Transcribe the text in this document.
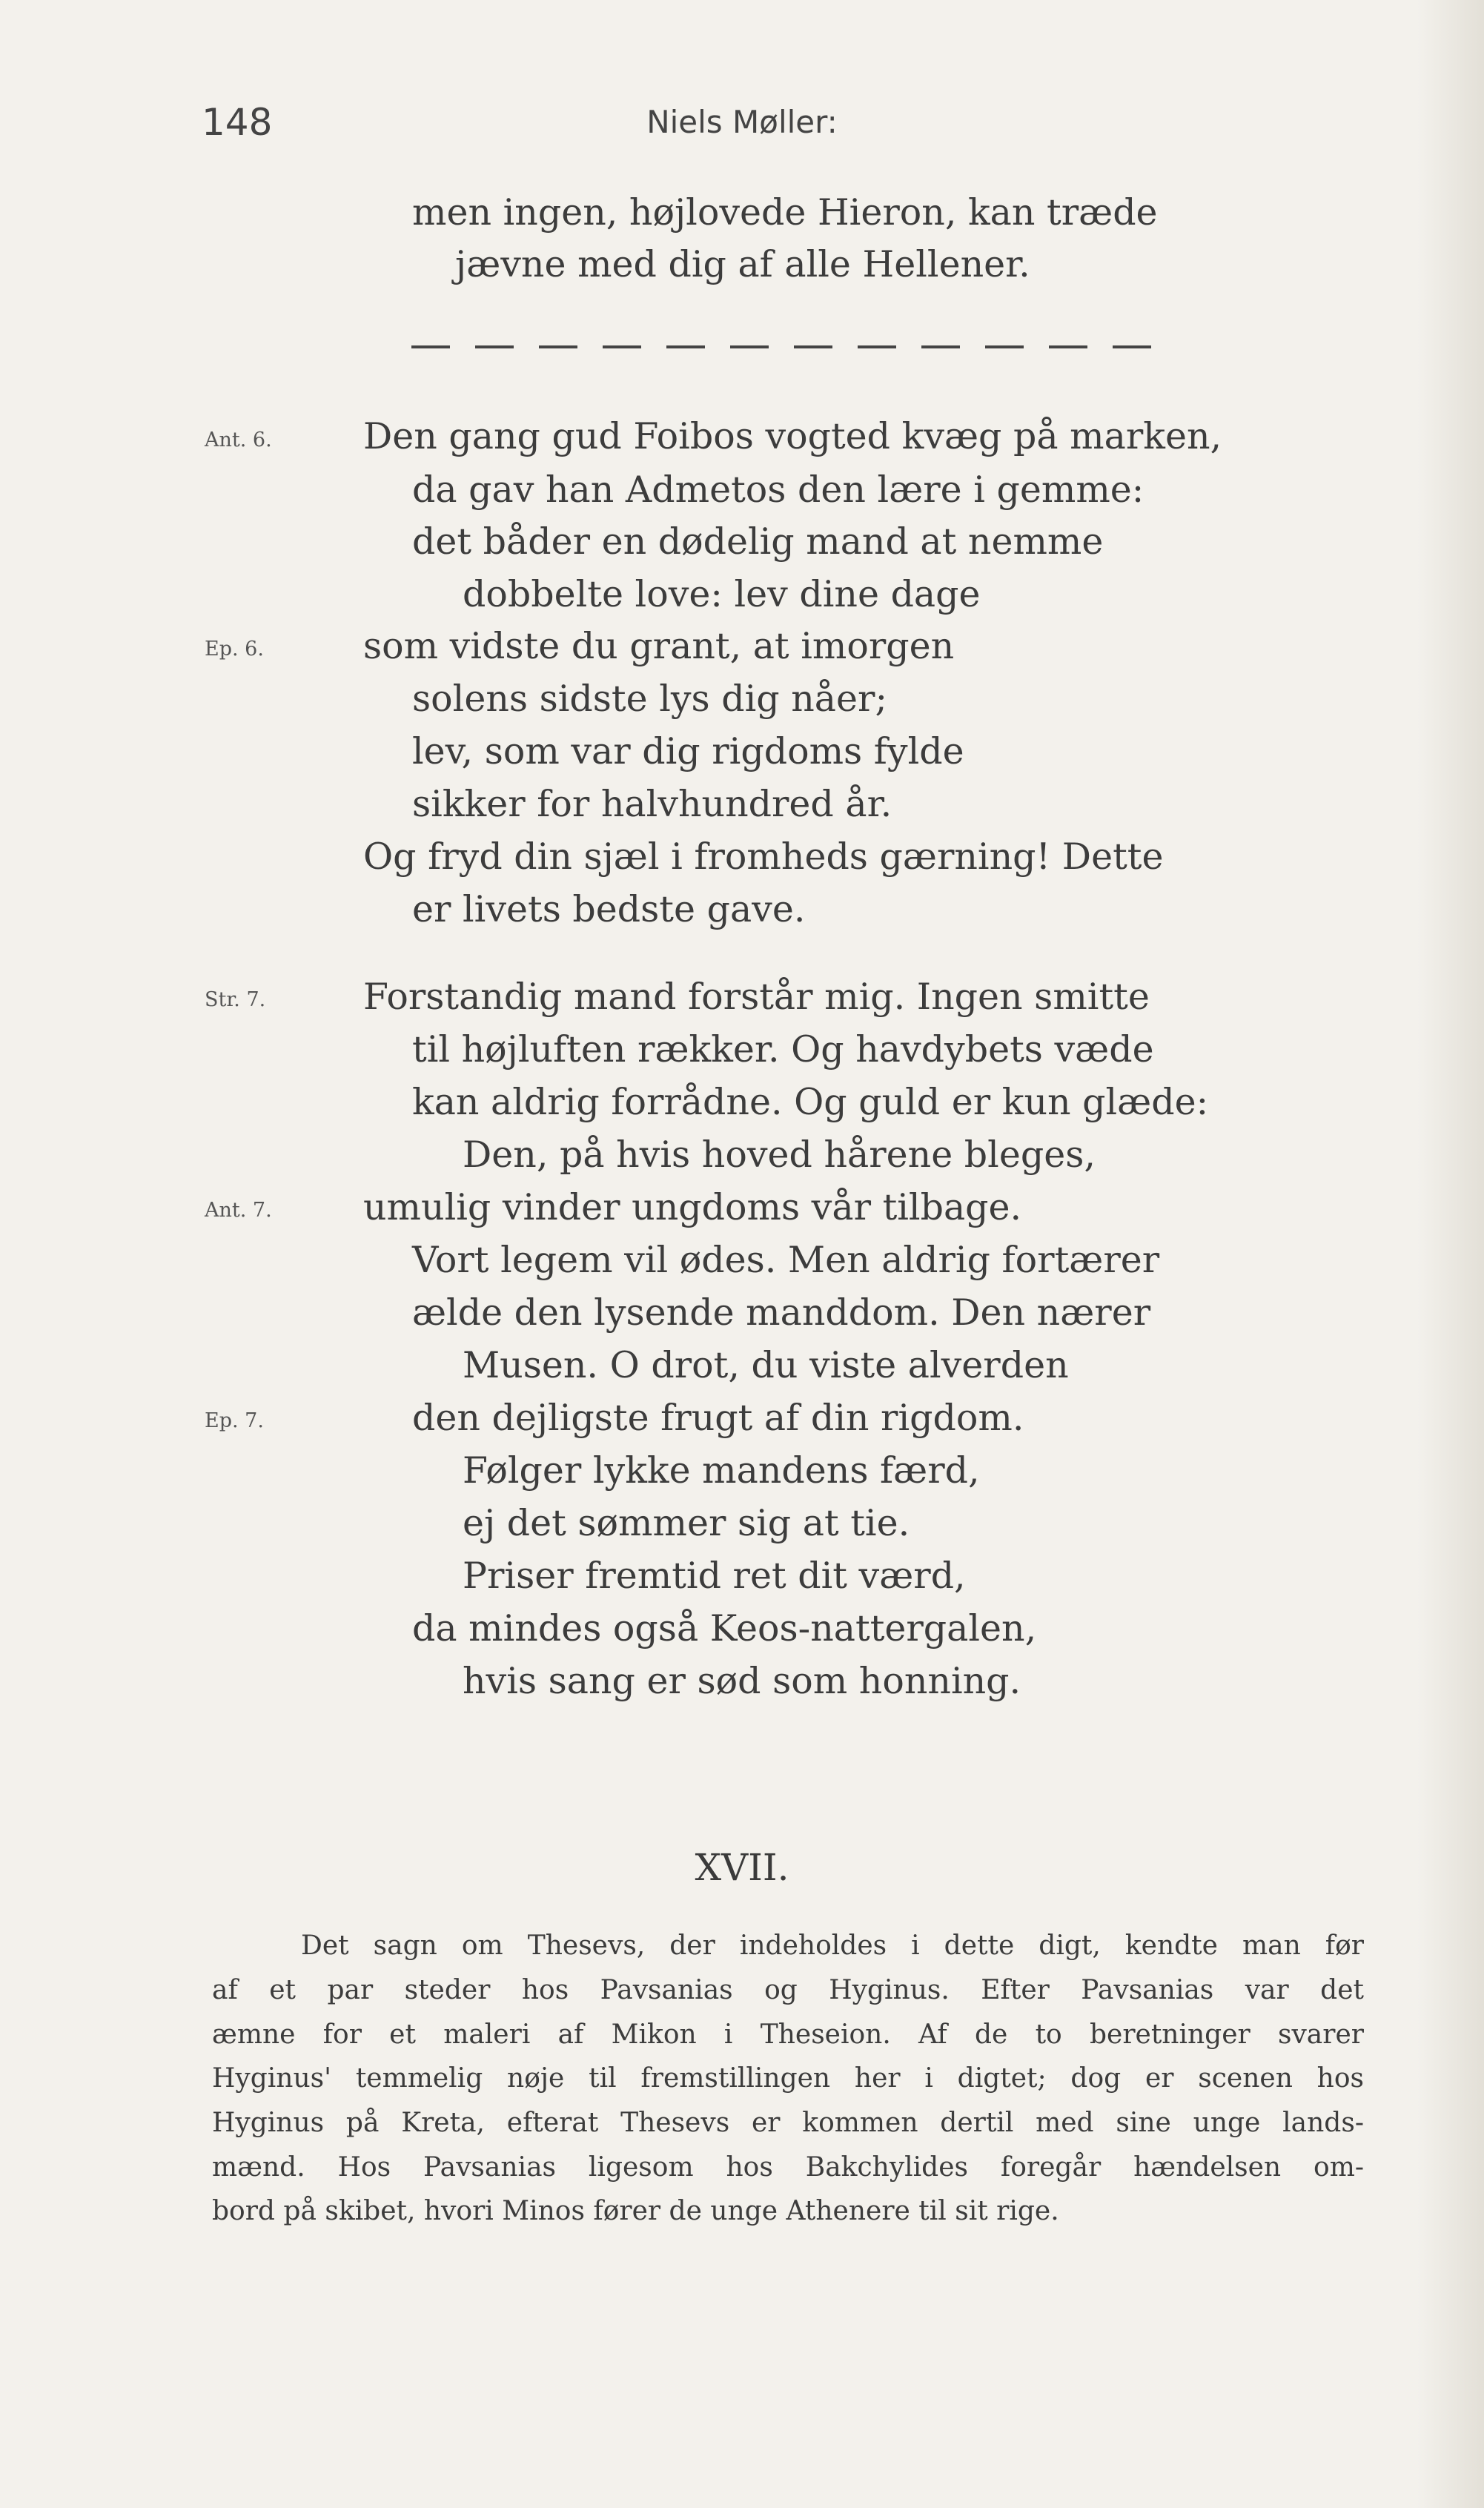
148	Niels Møller:
men ingen, højlovede Hieron, kan træde
jævne med dig af alle Hellener.
Ant. 6.	Den gang gud Foibos vogted kvæg på marken,
da gav han Admetos den lære i gemme:
det båder en dødelig mand at nemme
dobbelte love: lev dine dage
Ep. 6.	som vidste du grant, at imorgen
solens sidste lys dig nåer;
lev, som var dig rigdoms fylde
sikker for halvhundred år.
Og fryd din sjæl i fromheds gærning! Dette
er livets bedste gave.
Str. 7.	Forstandig mand forstår mig. Ingen smitte
til højluften rækker. Og havdybets væde
kan aldrig forrådne. Og guld er kun glæde:
Den, på hvis hoved hårene bleges,
Ant. 7.	umulig vinder ungdoms vår tilbage.
Vort legem vil ødes. Men aldrig fortærer
ælde den lysende manddom. Den nærer
Musen. O drot, du viste alverden
Ep. 7.	den dejligste frugt af din rigdom.
Følger lykke mandens færd,
ej det sømmer sig at tie.
Priser fremtid ret dit værd,
da mindes også Keos-nattergalen,
hvis sang er sød som honning.
XVII.
Det sagn om Thesevs, der indeholdes i dette digt, kendte man før
af et par steder hos Pavsanias og Hyginus. Efter Pavsanias var det
æmne for et maleri af Mikon i Theseion. Af de to beretninger svarer
Hyginus' temmelig nøje til fremstillingen her i digtet; dog er scenen hos
Hyginus på Kreta, efterat Thesevs er kommen dertil med sine unge lands-
mænd. Hos Pavsanias ligesom hos Bakchylides foregår hændelsen om-
bord på skibet, hvori Minos fører de unge Athenere til sit rige.
